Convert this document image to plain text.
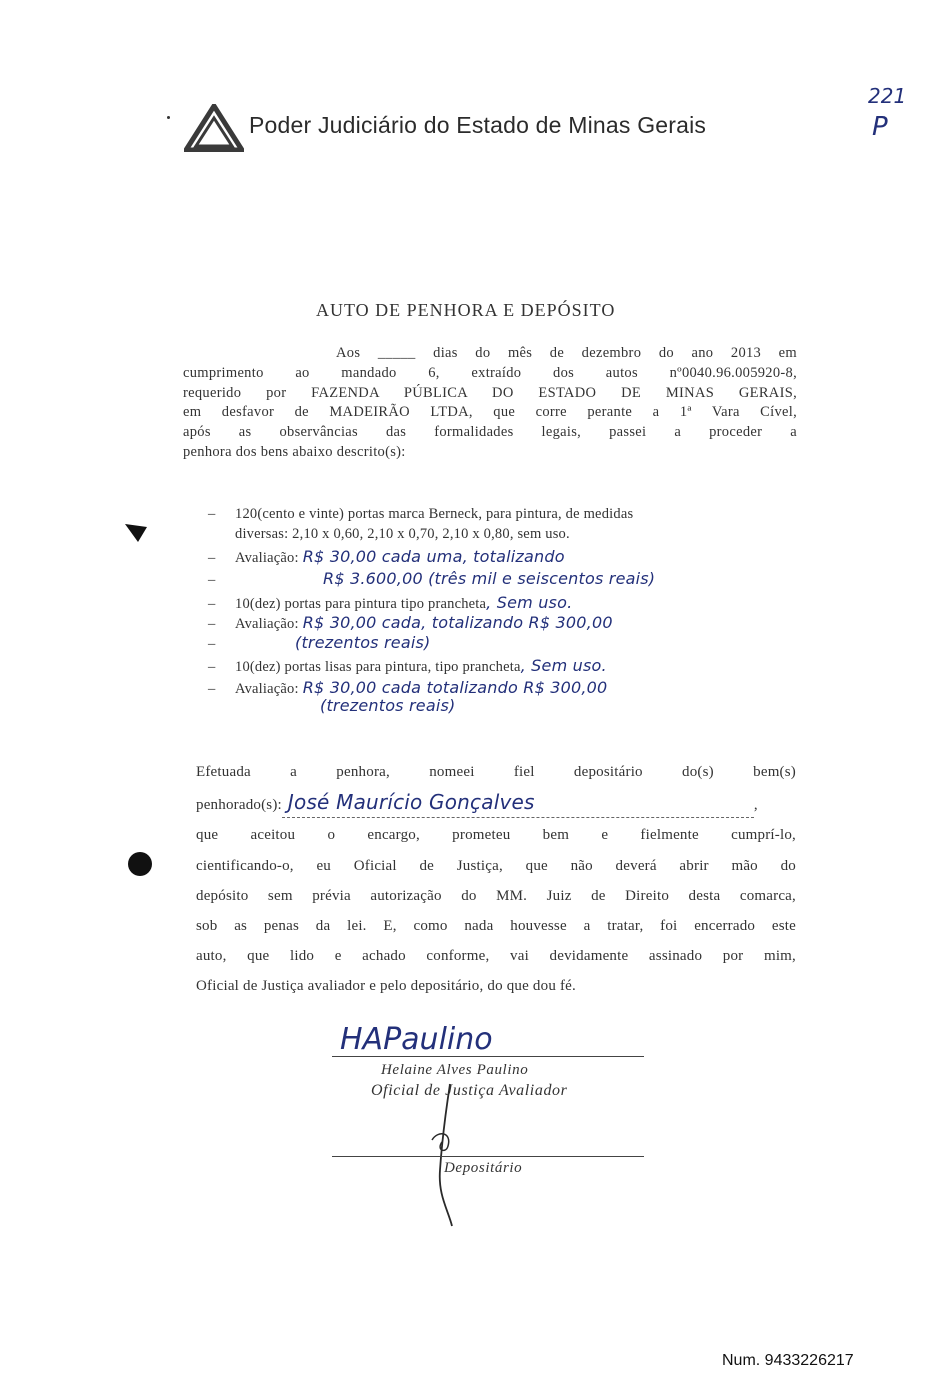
Poder Judiciário do Estado de Minas Gerais
221
P
AUTO DE PENHORA E DEPÓSITO
Aos _____ dias do mês de dezembro do ano 2013 em
cumprimento ao mandado 6, extraído dos autos nº0040.96.005920-8,
requerido por FAZENDA PÚBLICA DO ESTADO DE MINAS GERAIS,
em desfavor de MADEIRÃO LTDA, que corre perante a 1ª Vara Cível,
após as observâncias das formalidades legais, passei a proceder a
penhora dos bens abaixo descrito(s):
– 120(cento e vinte) portas marca Berneck, para pintura, de medidas
diversas: 2,10 x 0,60, 2,10 x 0,70, 2,10 x 0,80, sem uso.
– Avaliação: R$ 30,00 cada uma, totalizando
–	R$ 3.600,00 (três mil e seiscentos reais)
– 10(dez) portas para pintura tipo prancheta, Sem uso.
– Avaliação: R$ 30,00 cada, totalizando R$ 300,00
–	(trezentos reais)
– 10(dez) portas lisas para pintura, tipo prancheta, Sem uso.
– Avaliação: R$ 30,00 cada totalizando R$ 300,00
(trezentos reais)
Efetuada a penhora, nomeei fiel depositário do(s) bem(s)
penhorado(s): José Maurício Gonçalves	,
que aceitou o encargo, prometeu bem e fielmente cumprí-lo,
cientificando-o, eu Oficial de Justiça, que não deverá abrir mão do
depósito sem prévia autorização do MM. Juiz de Direito desta comarca,
sob as penas da lei. E, como nada houvesse a tratar, foi encerrado este
auto, que lido e achado conforme, vai devidamente assinado por mim,
Oficial de Justiça avaliador e pelo depositário, do que dou fé.
HAPaulino
Helaine Alves Paulino
Oficial de Justiça Avaliador
Depositário
Num. 9433226217
